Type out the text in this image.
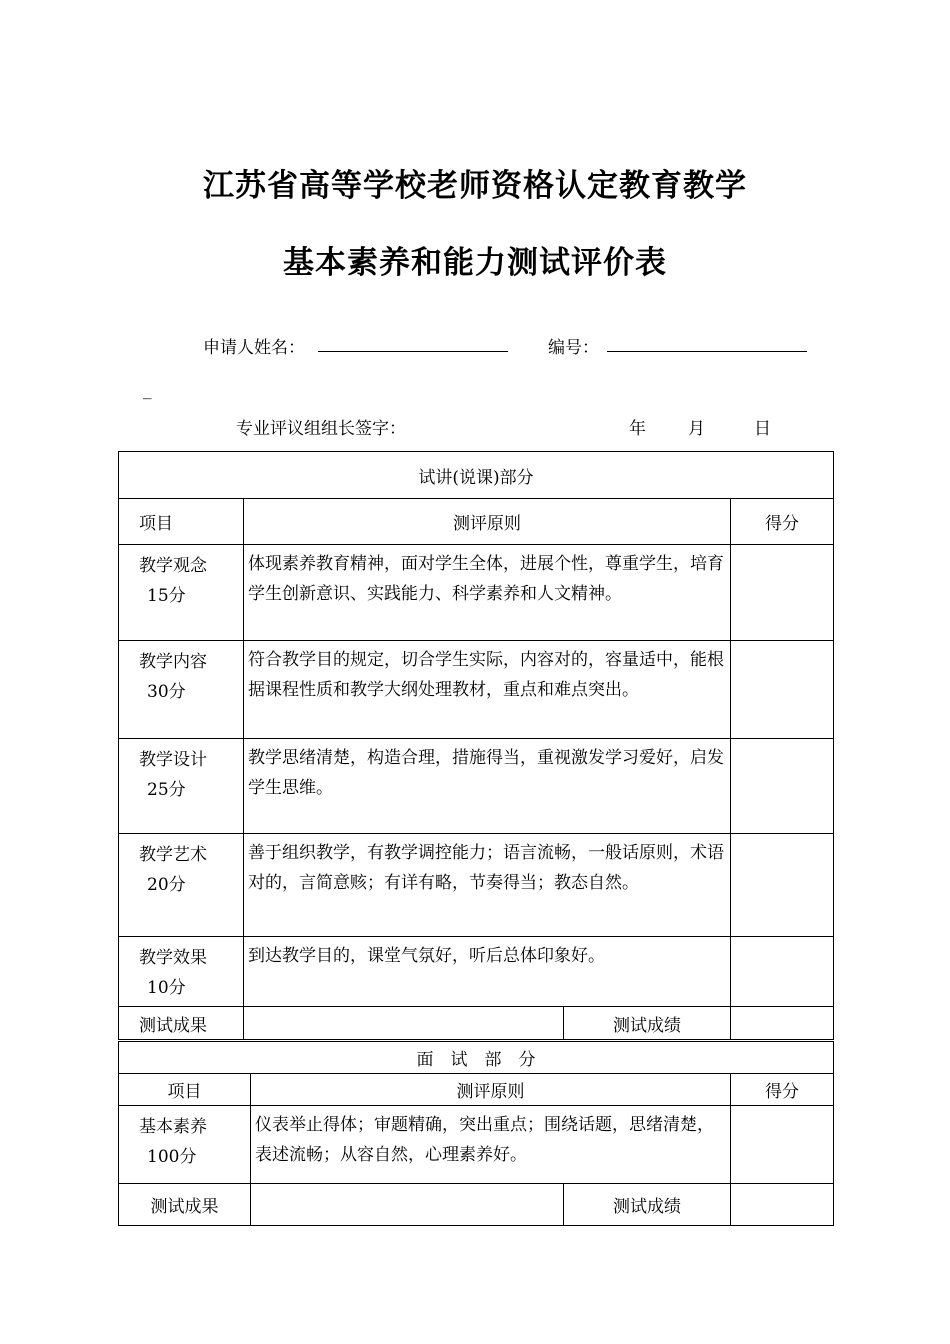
江苏省高等学校老师资格认定教育教学
基本素养和能力测试评价表
申请人姓名：	编号：
_
专业评议组组长签字：	年 月	日
试讲(说课)部分			
项目	测评原则		得分

教学观念
15分	体现素养教育精神，面对学生全体，进展个性，尊重学生，培育学生创新意识、实践能力、科学素养和人文精神。		

教学内容
30分	符合教学目的规定，切合学生实际，内容对的，容量适中，能根据课程性质和教学大纲处理教材，重点和难点突出。		

教学设计
25分	教学思绪清楚，构造合理，措施得当，重视激发学习爱好，启发学生思维。		

教学艺术
20分	善于组织教学，有教学调控能力；语言流畅，一般话原则，术语对的，言简意赅；有详有略，节奏得当；教态自然。		

教学效果
10分	到达教学目的，课堂气氛好，听后总体印象好。		
测试成果		测试成绩	
面　试　部　分			
项目	测评原则		得分

基本素养
100分	仪表举止得体；审题精确，突出重点；围绕话题，思绪清楚，表述流畅；从容自然，心理素养好。		
测试成果		测试成绩	
